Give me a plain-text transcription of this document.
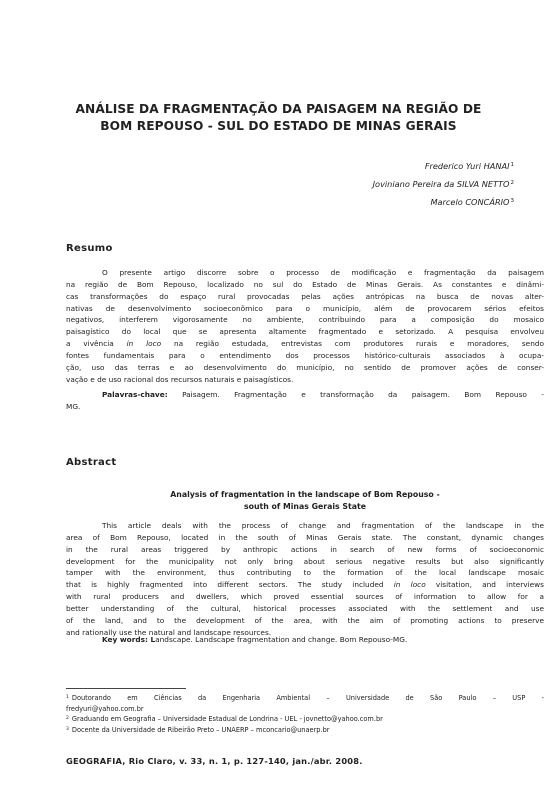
ANÁLISE DA FRAGMENTAÇÃO DA PAISAGEM NA REGIÃO DE
BOM REPOUSO - SUL DO ESTADO DE MINAS GERAIS
Frederico Yuri HANAI$^1$
Joviniano Pereira da SILVA NETTO$^2$
Marcelo CONCÁRIO$^3$
Resumo
O presente artigo discorre sobre o processo de modificação e fragmentação da paisagem
na região de Bom Repouso, localizado no sul do Estado de Minas Gerais. As constantes e dinâmi-
cas transformações do espaço rural provocadas pelas ações antrópicas na busca de novas alter-
nativas de desenvolvimento socioeconômico para o município, além de provocarem sérios efeitos
negativos, interferem vigorosamente no ambiente, contribuindo para a composição do mosaico
paisagístico do local que se apresenta altamente fragmentado e setorizado. A pesquisa envolveu
a vivência in loco na região estudada, entrevistas com produtores rurais e moradores, sendo
fontes fundamentais para o entendimento dos processos histórico-culturais associados à ocupa-
ção, uso das terras e ao desenvolvimento do município, no sentido de promover ações de conser-
vação e de uso racional dos recursos naturais e paisagísticos.
Palavras-chave: Paisagem. Fragmentação e transformação da paisagem. Bom Repouso -
MG.
Abstract
Analysis of fragmentation in the landscape of Bom Repouso -
south of Minas Gerais State
This article deals with the process of change and fragmentation of the landscape in the
area of Bom Repouso, located in the south of Minas Gerais state. The constant, dynamic changes
in the rural areas triggered by anthropic actions in search of new forms of socioeconomic
development for the municipality not only bring about serious negative results but also significantly
tamper with the environment, thus contributing to the formation of the local landscape mosaic
that is highly fragmented into different sectors. The study included in loco visitation, and interviews
with rural producers and dwellers, which proved essential sources of information to allow for a
better understanding of the cultural, historical processes associated with the settlement and use
of the land, and to the development of the area, with the aim of promoting actions to preserve
and rationally use the natural and landscape resources.
Key words: Landscape. Landscape fragmentation and change. Bom Repouso-MG.
$^1$ Doutorando em Ciências da Engenharia Ambiental – Universidade de São Paulo – USP -
fredyuri@yahoo.com.br
$^2$ Graduando em Geografia – Universidade Estadual de Londrina - UEL - jovnetto@yahoo.com.br
$^3$ Docente da Universidade de Ribeirão Preto – UNAERP – mconcario@unaerp.br
GEOGRAFIA, Rio Claro, v. 33, n. 1, p. 127-140, jan./abr. 2008.
